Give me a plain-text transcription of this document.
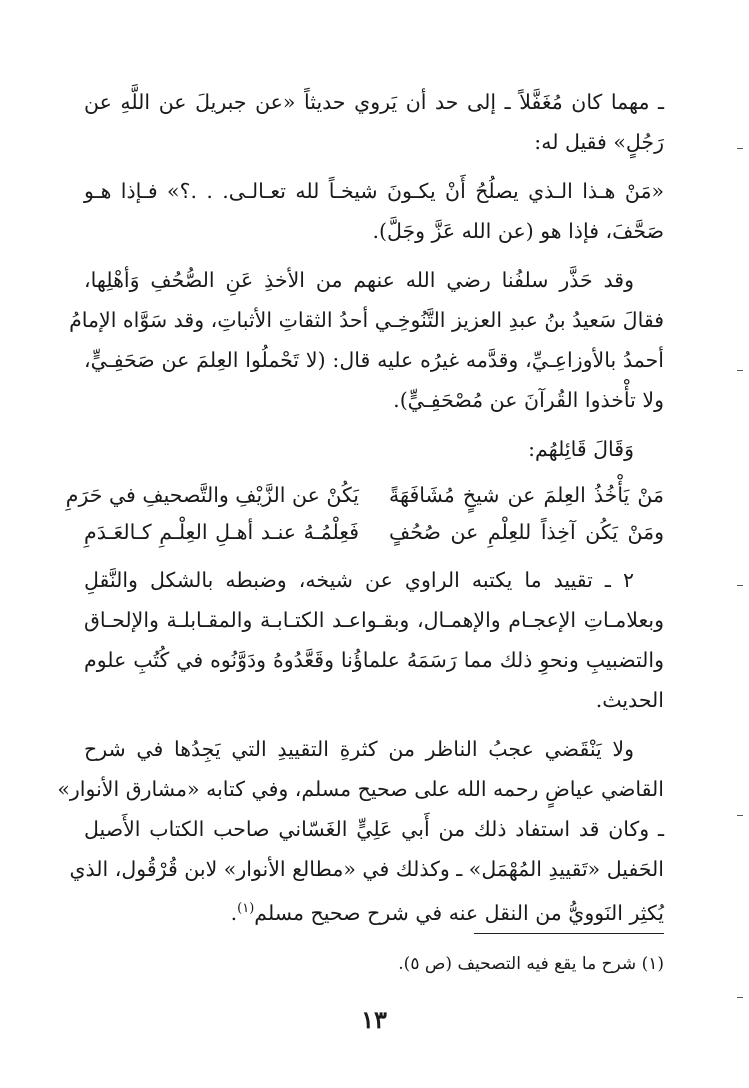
ـ مهما كان مُغَفَّلاً ـ إلى حد أن يَروي حديثاً «عن جبريلَ عن اللَّهِ عن
رَجُلٍ» فقيل له:
«مَنْ هـذا الـذي يصلُحُ أَنْ يكـونَ شيخـاً لله تعـالـى. . .؟» فـإذا هـو
صَحَّفَ، فإذا هو (عن الله عَزَّ وجَلَّ).
وقد حَذَّر سلفُنا رضي الله عنهم من الأخذِ عَنِ الصُّحُفِ وَأهْلِها،
فقالَ سَعيدُ بنُ عبدِ العزيز التَّنُوخِـي أحدُ الثقاتِ الأثباتِ، وقد سَوَّاه الإمامُ
أحمدُ بالأوزاعِـيِّ، وقدَّمه غيرُه عليه قال: (لا تَحْملُوا العِلمَ عن صَحَفِـيٍّ،
ولا تأْخذوا القُرآنَ عن مُصْحَفِـيٍّ).
وَقَالَ قَائِلهُم:
مَنْ يَأْخُذُ العِلمَ عن شيخٍ مُشَافَهَةً
يَكُنْ عن الزَّيْفِ والتَّصحيفِ في حَرَمِ
ومَنْ يَكُن آخِذاً للعِلْمِ عن صُحُفٍ
فَعِلْمُـهُ عنـد أهـلِ العِلْـمِ كـالعَـدَمِ
٢ ـ تقييد ما يكتبه الراوي عن شيخه، وضبطه بالشكل والنَّقلِ
وبعلامـاتِ الإعجـام والإهمـال، وبقـواعـد الكتـابـة والمقـابلـة والإلحـاق
والتضبيبِ ونحوِ ذلك مما رَسَمَهُ علماؤُنا وقَعَّدُوهُ ودَوَّنُوه في كُتُبِ علوم
الحديث.
ولا يَنْقَضي عجبُ الناظر من كثرةِ التقييدِ التي يَجِدُها في شرح
القاضي عياضٍ رحمه الله على صحيح مسلم، وفي كتابه «مشارق الأنوار»
ـ وكان قد استفاد ذلك من أَبي عَلِيٍّ الغَسّاني صاحب الكتاب الأَصيل
الحَفيل «تَقييدِ المُهْمَل» ـ وكذلك في «مطالع الأنوار» لابن قُرْقُول، الذي
يُكثِر النَوويُّ من النقل عنه في شرح صحيح مسلم$^{(١)}$.
(١) شرح ما يقع فيه التصحيف (ص ٥).
١٣
